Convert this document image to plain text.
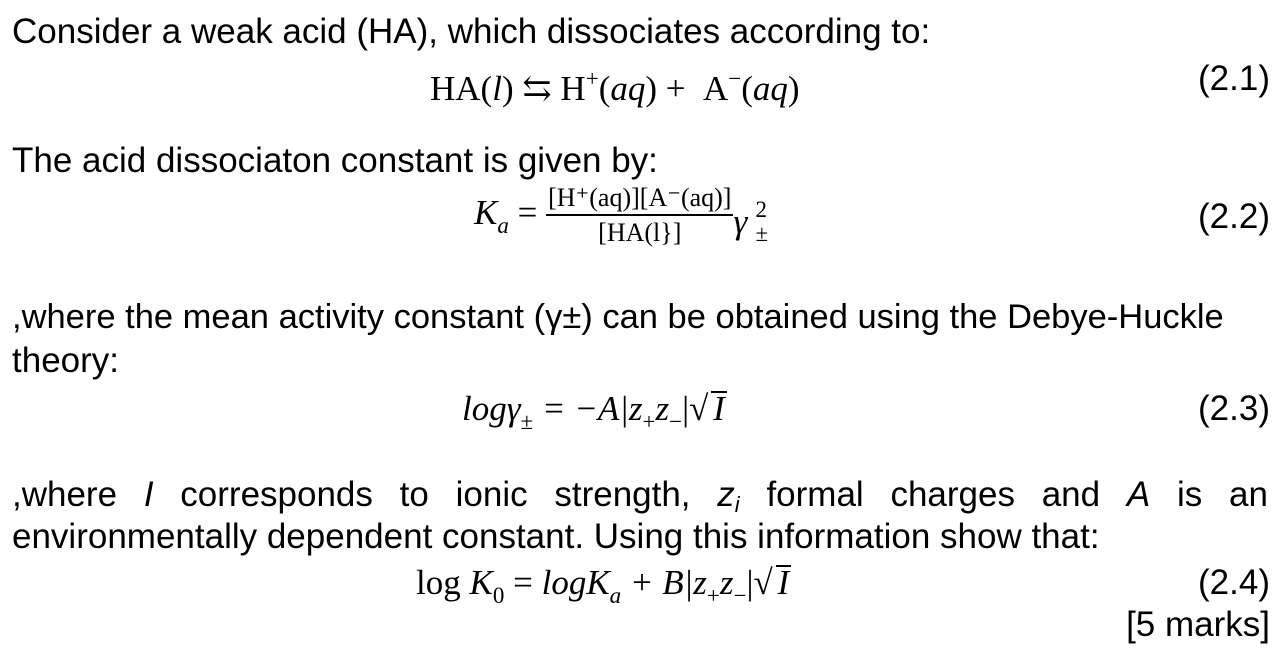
Consider a weak acid (HA), which dissociates according to:
HA(l) ⇆ H+(aq) +  A−(aq)	(2.1)
The acid dissociaton constant is given by:
$K_a = \frac{[H^+(aq)][A^-(aq)]}{[HA(l\}]}$ γ 2
±	(2.2)
,where the mean activity constant (γ±) can be obtained using the Debye-Huckle
theory:
$\log\gamma_\pm = -A|z_+z_-|$ √ I	(2.3)
,where I corresponds to ionic strength, zi formal charges and A is an
environmentally dependent constant. Using this information show that:
$\log K_0 = \log K_a + B|z_+z_-|$ √ I	(2.4)
[5 marks]
